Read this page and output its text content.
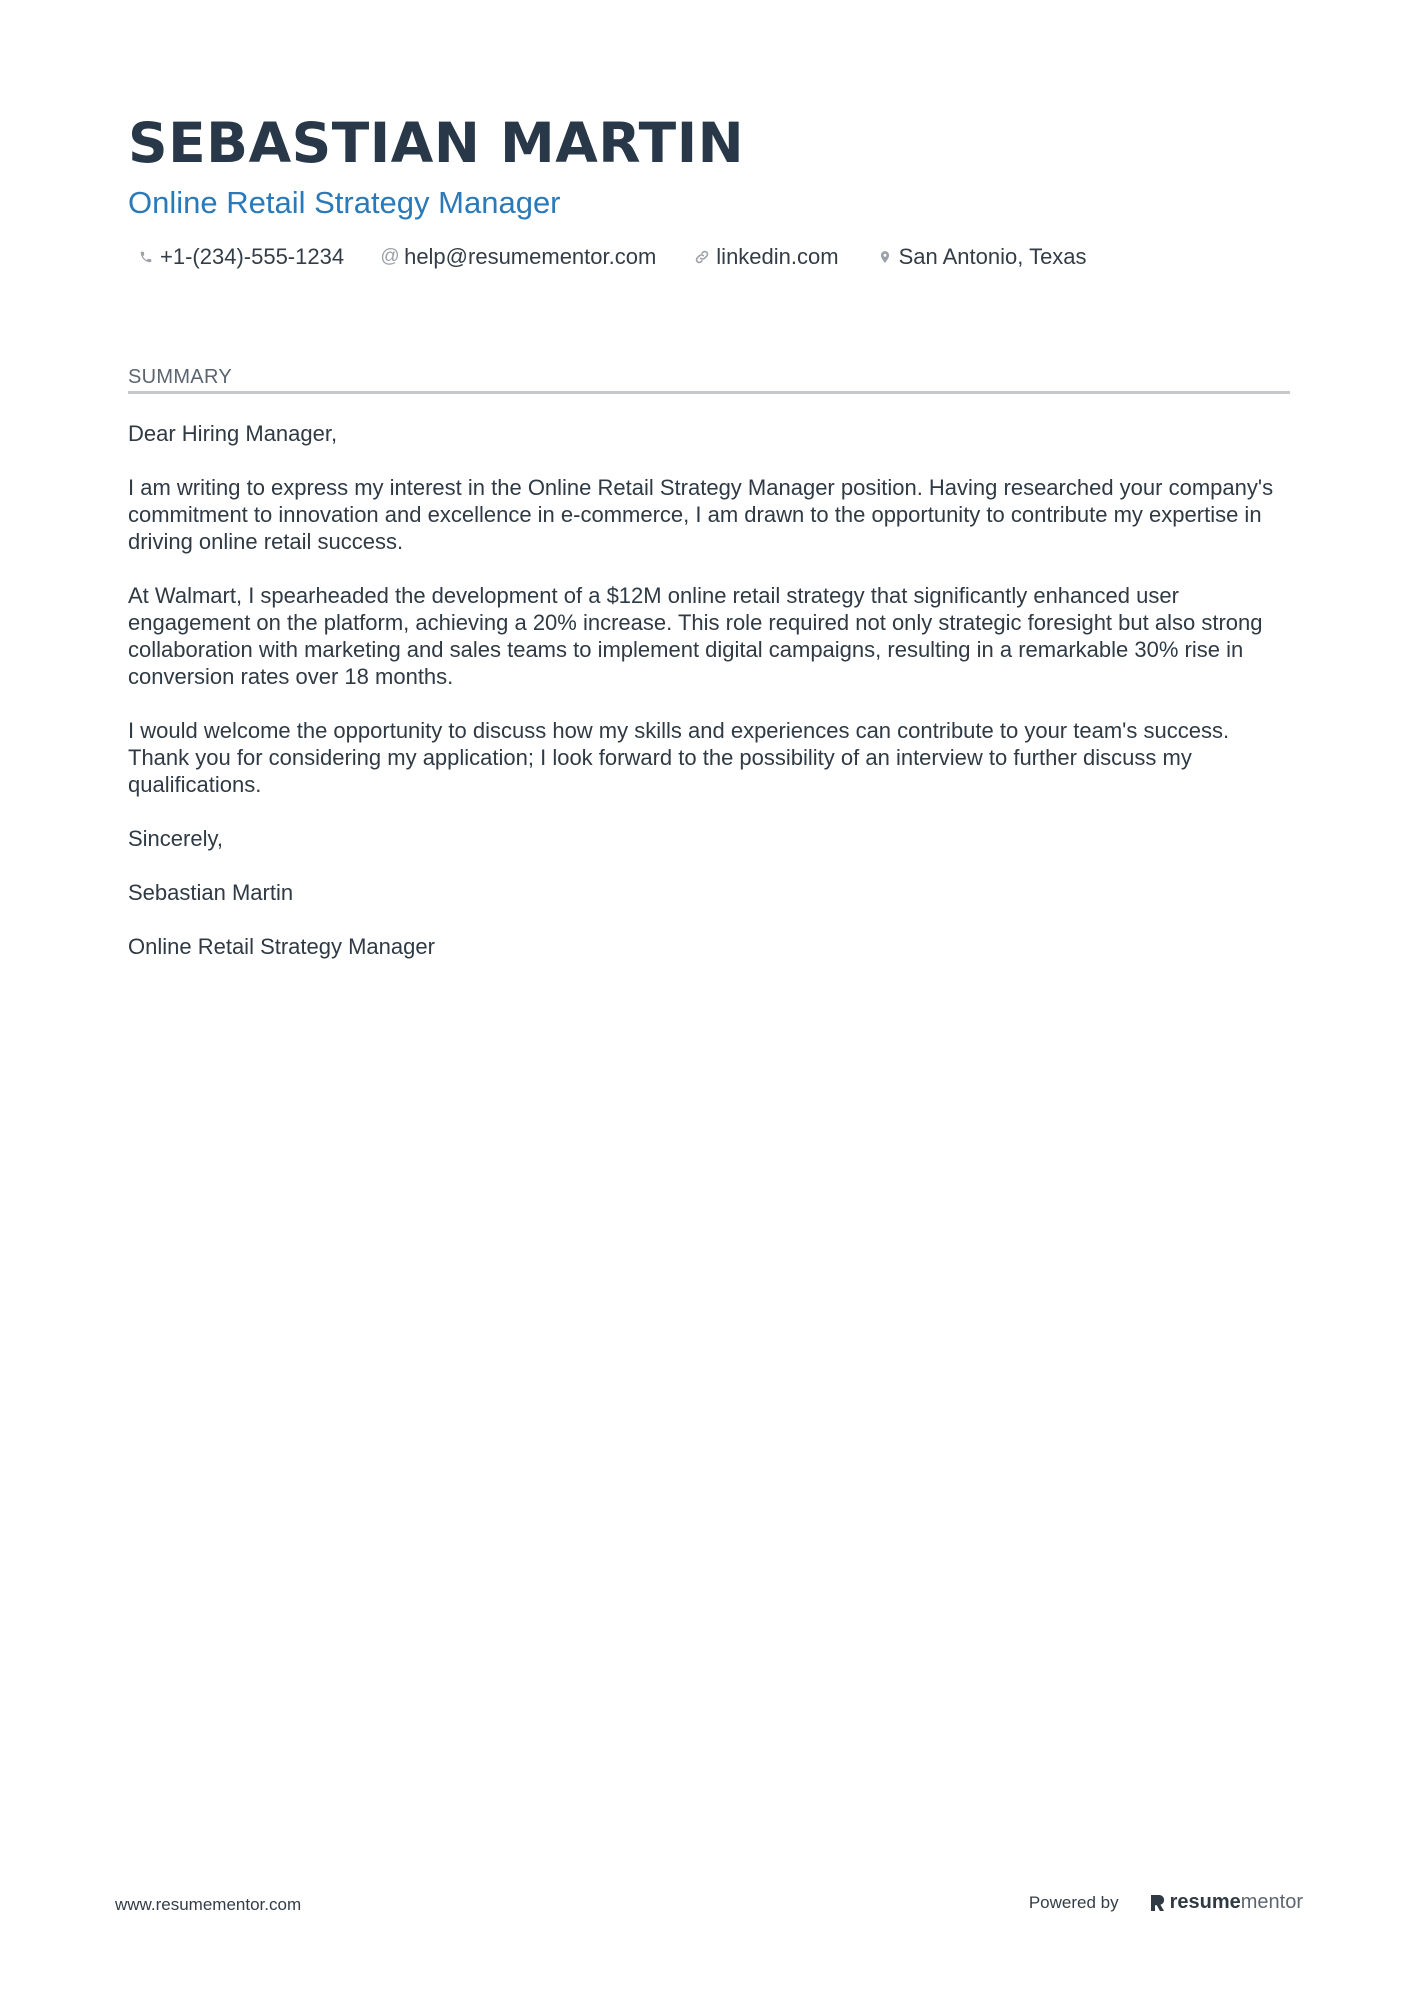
SEBASTIAN MARTIN
Online Retail Strategy Manager
+1-(234)-555-1234 @ help@resumementor.com	linkedin.com	San Antonio, Texas
SUMMARY

Dear Hiring Manager,

I am writing to express my interest in the Online Retail Strategy Manager position. Having researched your company's commitment to innovation and excellence in e-commerce, I am drawn to the opportunity to contribute my expertise in driving online retail success.

At Walmart, I spearheaded the development of a $12M online retail strategy that significantly enhanced user engagement on the platform, achieving a 20% increase. This role required not only strategic foresight but also strong collaboration with marketing and sales teams to implement digital campaigns, resulting in a remarkable 30% rise in conversion rates over 18 months.

I would welcome the opportunity to discuss how my skills and experiences can contribute to your team's success. Thank you for considering my application; I look forward to the possibility of an interview to further discuss my qualifications.

Sincerely,

Sebastian Martin

Online Retail Strategy Manager

www.resumementor.com	Powered by	resume mentor
